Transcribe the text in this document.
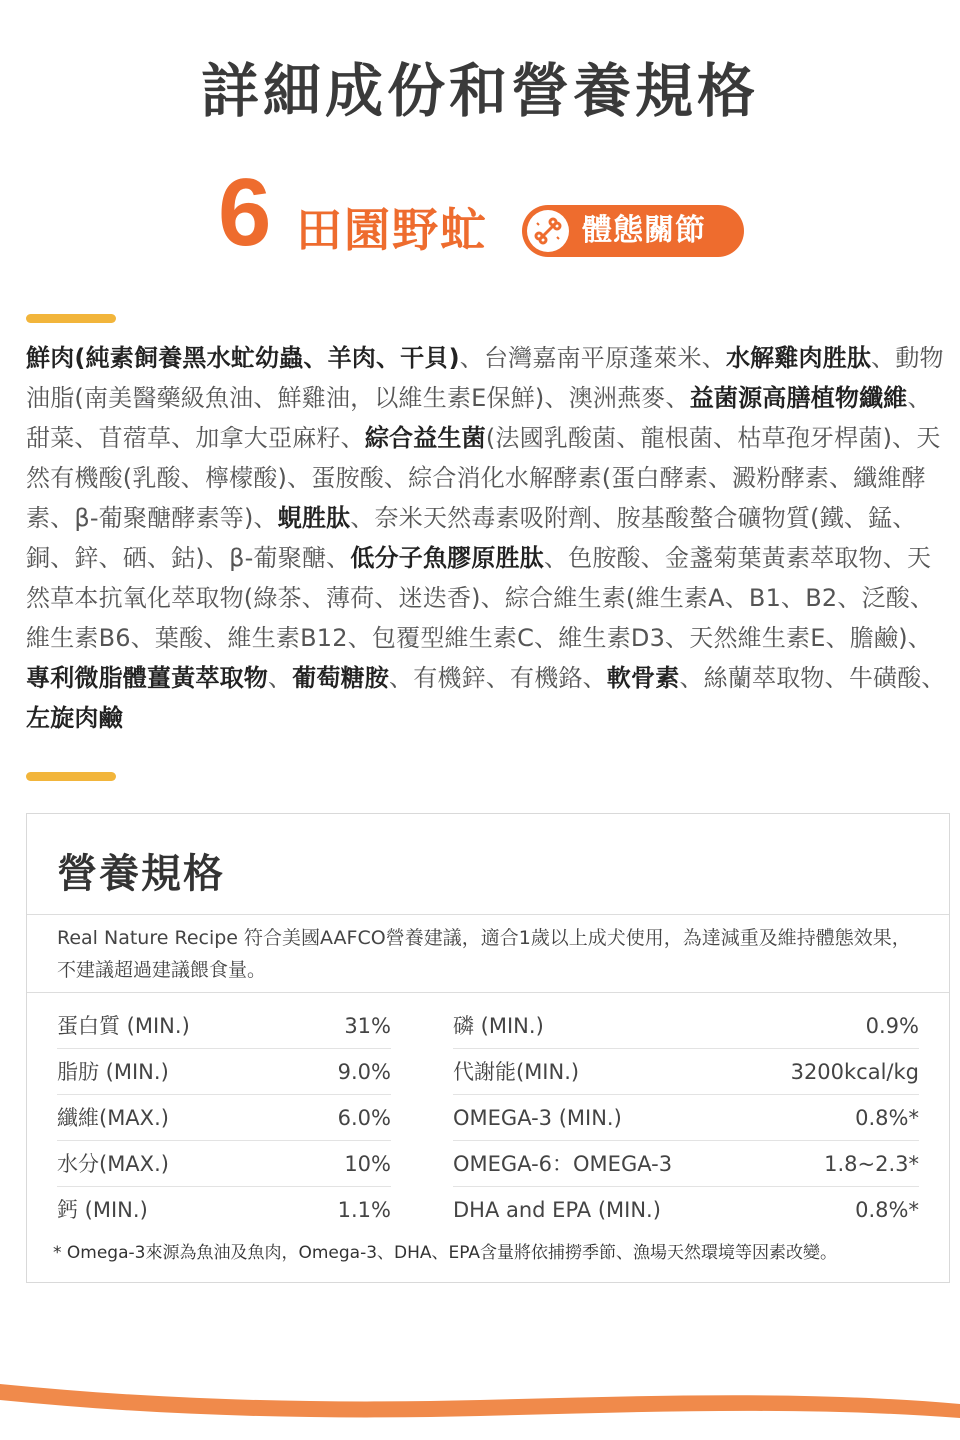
詳細成份和營養規格
6 田園野虻	體態關節

鮮肉(純素飼養黑水虻幼蟲、羊肉、干貝)、台灣嘉南平原蓬萊米、水解雞肉胜肽、動物油脂(南美醫藥級魚油、鮮雞油，以維生素E保鮮)、澳洲燕麥、益菌源高膳植物纖維、甜菜、苜蓿草、加拿大亞麻籽、綜合益生菌(法國乳酸菌、龍根菌、枯草孢牙桿菌)、天然有機酸(乳酸、檸檬酸)、蛋胺酸、綜合消化水解酵素(蛋白酵素、澱粉酵素、纖維酵素、β-葡聚醣酵素等)、蜆胜肽、奈米天然毒素吸附劑、胺基酸螯合礦物質(鐵、錳、銅、鋅、硒、鈷)、β-葡聚醣、低分子魚膠原胜肽、色胺酸、金盞菊葉黃素萃取物、天然草本抗氧化萃取物(綠茶、薄荷、迷迭香)、綜合維生素(維生素A、B1、B2、泛酸、維生素B6、葉酸、維生素B12、包覆型維生素C、維生素D3、天然維生素E、膽鹼)、專利微脂體薑黃萃取物、葡萄糖胺、有機鋅、有機鉻、軟骨素、絲蘭萃取物、牛磺酸、左旋肉鹼

營養規格

Real Nature Recipe 符合美國AAFCO營養建議，適合1歲以上成犬使用，為達減重及維持體態效果，不建議超過建議餵食量。

蛋白質 (MIN.)	31%
脂肪 (MIN.)	9.0%
纖維(MAX.)	6.0%
水分(MAX.)	10%
鈣 (MIN.)	1.1%
磷 (MIN.)	0.9%
代謝能(MIN.)	3200kcal/kg
OMEGA-3 (MIN.)	0.8%*
OMEGA-6：OMEGA-3	1.8~2.3*
DHA and EPA (MIN.)	0.8%*

* Omega-3來源為魚油及魚肉，Omega-3、DHA、EPA含量將依捕撈季節、漁場天然環境等因素改變。
